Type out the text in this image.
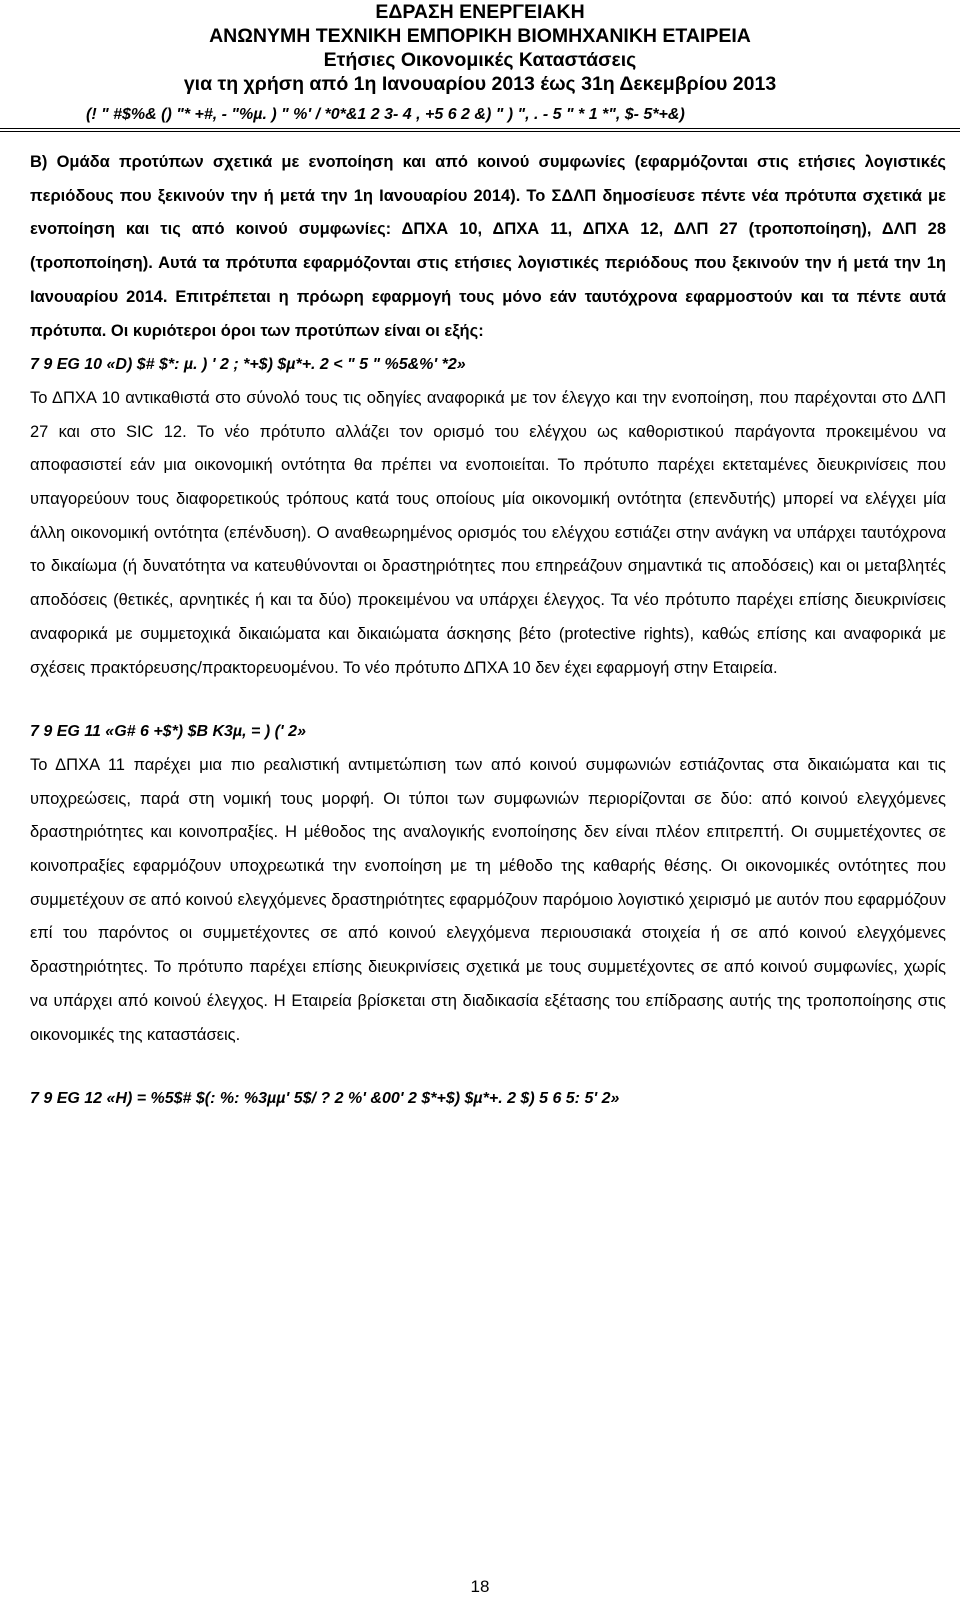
ΕΔΡΑΣΗ ΕΝΕΡΓΕΙΑΚΗ
ΑΝΩΝΥΜΗ ΤΕΧΝΙΚΗ ΕΜΠΟΡΙΚΗ ΒΙΟΜΗΧΑΝΙΚΗ ΕΤΑΙΡΕΙΑ
Ετήσιες Οικονομικές Καταστάσεις
για τη χρήση από 1η Ιανουαρίου 2013 έως 31η Δεκεμβρίου 2013
(! " #$%& () "* +#, - "%µ. ) " %' / *0*&1 2 3- 4 , +5 6 2 &) " ) ", . - 5 " * 1 *", $- 5*+&)

Β) Ομάδα προτύπων σχετικά με ενοποίηση και από κοινού συμφωνίες (εφαρμόζονται στις ετήσιες λογιστικές περιόδους που ξεκινούν την ή μετά την 1η Ιανουαρίου 2014). Το ΣΔΛΠ δημοσίευσε πέντε νέα πρότυπα σχετικά με ενοποίηση και τις από κοινού συμφωνίες: ΔΠΧΑ 10, ΔΠΧΑ 11, ΔΠΧΑ 12, ΔΛΠ 27 (τροποποίηση), ΔΛΠ 28 (τροποποίηση). Αυτά τα πρότυπα εφαρμόζονται στις ετήσιες λογιστικές περιόδους που ξεκινούν την ή μετά την 1η Ιανουαρίου 2014. Επιτρέπεται η πρόωρη εφαρμογή τους μόνο εάν ταυτόχρονα εφαρμοστούν και τα πέντε αυτά πρότυπα. Οι κυριότεροι όροι των προτύπων είναι οι εξής:

7 9 EG 10 «D) $# $*: µ. ) ' 2 ; *+$) $µ*+. 2 < " 5 " %5&%' *2»

Το ΔΠΧΑ 10 αντικαθιστά στο σύνολό τους τις οδηγίες αναφορικά με τον έλεγχο και την ενοποίηση, που παρέχονται στο ΔΛΠ 27 και στο SIC 12. Το νέο πρότυπο αλλάζει τον ορισμό του ελέγχου ως καθοριστικού παράγοντα προκειμένου να αποφασιστεί εάν μια οικονομική οντότητα θα πρέπει να ενοποιείται. Το πρότυπο παρέχει εκτεταμένες διευκρινίσεις που υπαγορεύουν τους διαφορετικούς τρόπους κατά τους οποίους μία οικονομική οντότητα (επενδυτής) μπορεί να ελέγχει μία άλλη οικονομική οντότητα (επένδυση). Ο αναθεωρημένος ορισμός του ελέγχου εστιάζει στην ανάγκη να υπάρχει ταυτόχρονα το δικαίωμα (ή δυνατότητα να κατευθύνονται οι δραστηριότητες που επηρεάζουν σημαντικά τις αποδόσεις) και οι μεταβλητές αποδόσεις (θετικές, αρνητικές ή και τα δύο) προκειμένου να υπάρχει έλεγχος. Τα νέο πρότυπο παρέχει επίσης διευκρινίσεις αναφορικά με συμμετοχικά δικαιώματα και δικαιώματα άσκησης βέτο (protective rights), καθώς επίσης και αναφορικά με σχέσεις πρακτόρευσης/πρακτορευομένου. Το νέο πρότυπο ΔΠΧΑ 10 δεν έχει εφαρμογή στην Εταιρεία.

7 9 EG 11 «G# 6 +$*) $B K3µ, = ) (' 2»

Το ΔΠΧΑ 11 παρέχει μια πιο ρεαλιστική αντιμετώπιση των από κοινού συμφωνιών εστιάζοντας στα δικαιώματα και τις υποχρεώσεις, παρά στη νομική τους μορφή. Οι τύποι των συμφωνιών περιορίζονται σε δύο: από κοινού ελεγχόμενες δραστηριότητες και κοινοπραξίες. Η μέθοδος της αναλογικής ενοποίησης δεν είναι πλέον επιτρεπτή. Οι συμμετέχοντες σε κοινοπραξίες εφαρμόζουν υποχρεωτικά την ενοποίηση με τη μέθοδο της καθαρής θέσης. Οι οικονομικές οντότητες που συμμετέχουν σε από κοινού ελεγχόμενες δραστηριότητες εφαρμόζουν παρόμοιο λογιστικό χειρισμό με αυτόν που εφαρμόζουν επί του παρόντος οι συμμετέχοντες σε από κοινού ελεγχόμενα περιουσιακά στοιχεία ή σε από κοινού ελεγχόμενες δραστηριότητες. Το πρότυπο παρέχει επίσης διευκρινίσεις σχετικά με τους συμμετέχοντες σε από κοινού συμφωνίες, χωρίς να υπάρχει από κοινού έλεγχος. Η Εταιρεία βρίσκεται στη διαδικασία εξέτασης του επίδρασης αυτής της τροποποίησης στις οικονομικές της καταστάσεις.

7 9 EG 12 «H) = %5$# $(: %: %3µµ' 5$/ ? 2 %' &00' 2 $*+$) $µ*+. 2 $) 5 6 5: 5' 2»

18
